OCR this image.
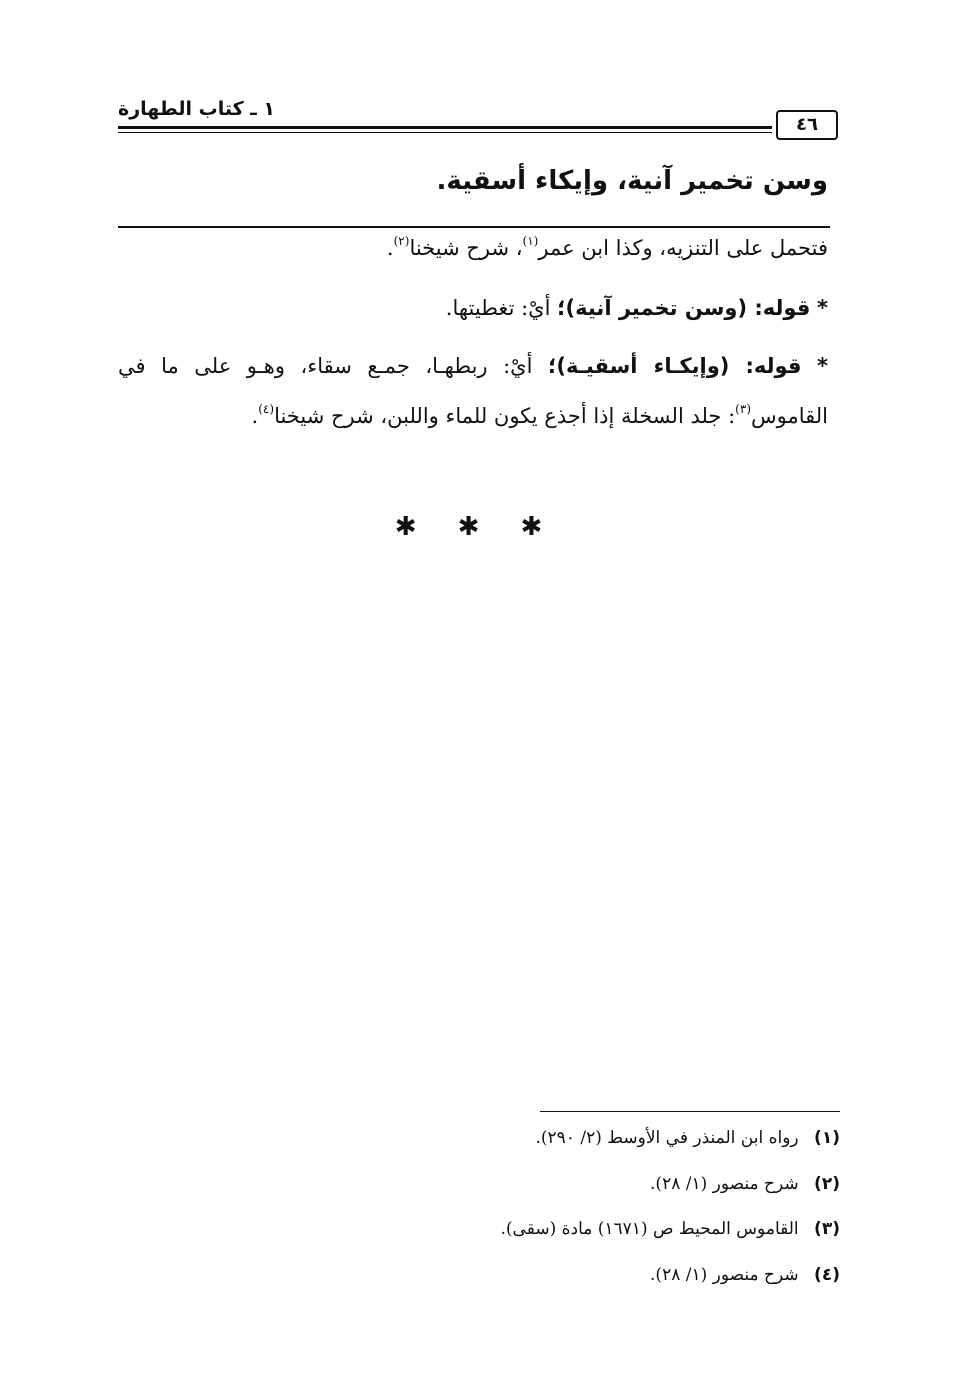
١ ـ كتاب الطهارة
٤٦
وسن تخمير آنية، وإيكاء أسقية.
فتحمل على التنزيه، وكذا ابن عمر$^{(١)}$، شرح شيخنا$^{(٢)}$.
* قوله: (وسن تخمير آنية)؛ أيْ: تغطيتها.
* قوله: (وإيكـاء أسقيـة)؛ أيْ: ربطهـا، جمـع سقاء، وهـو على ما في
القاموس$^{(٣)}$: جلد السخلة إذا أجذع يكون للماء واللبن، شرح شيخنا$^{(٤)}$.
✱ ✱ ✱
(١) رواه ابن المنذر في الأوسط (٢/ ٢٩٠).
(٢) شرح منصور (١/ ٢٨).
(٣) القاموس المحيط ص (١٦٧١) مادة (سقى).
(٤) شرح منصور (١/ ٢٨).
